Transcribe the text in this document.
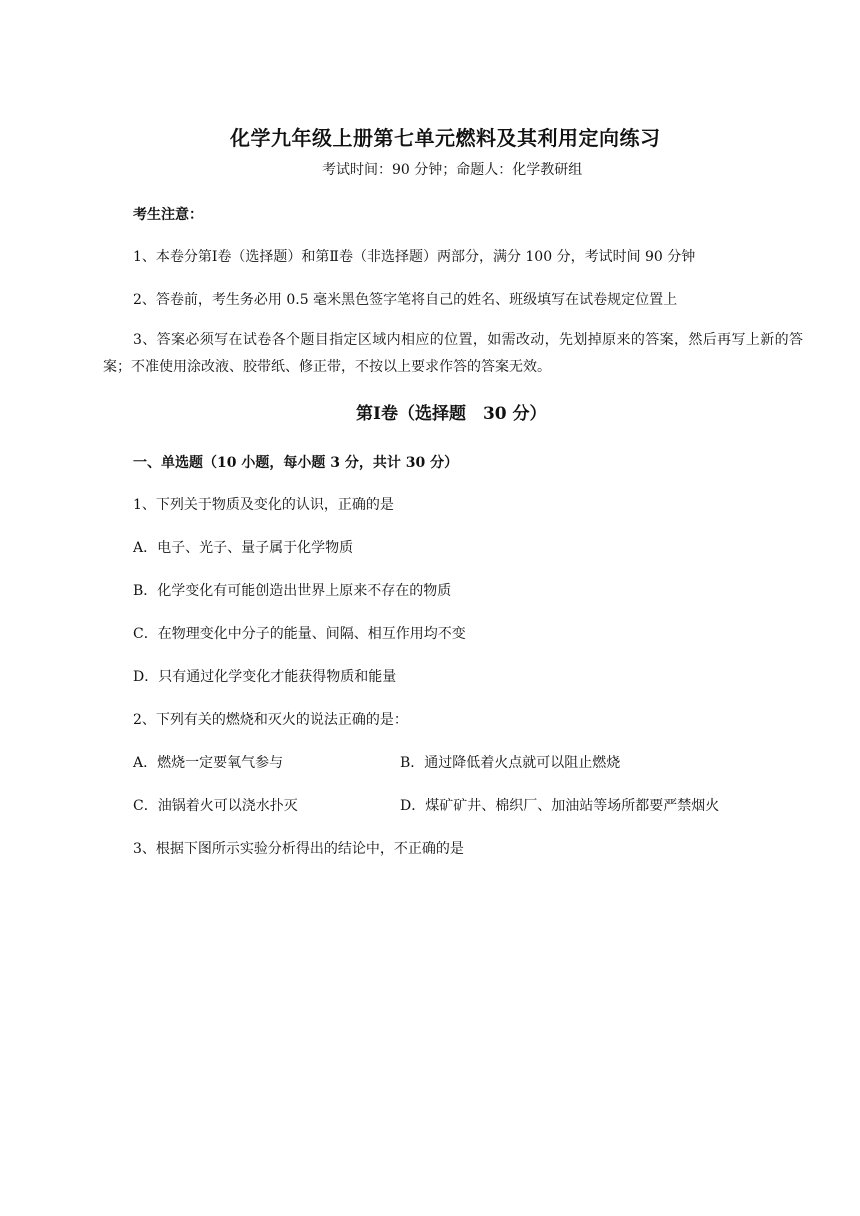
化学九年级上册第七单元燃料及其利用定向练习
考试时间：90 分钟；命题人：化学教研组
考生注意：
1、本卷分第Ⅰ卷（选择题）和第Ⅱ卷（非选择题）两部分，满分 100 分，考试时间 90 分钟
2、答卷前，考生务必用 0.5 毫米黑色签字笔将自己的姓名、班级填写在试卷规定位置上
3、答案必须写在试卷各个题目指定区域内相应的位置，如需改动，先划掉原来的答案，然后再写上新的答案；不准使用涂改液、胶带纸、修正带，不按以上要求作答的答案无效。
第Ⅰ卷（选择题　30 分）
一、单选题（10 小题，每小题 3 分，共计 30 分）
1、下列关于物质及变化的认识，正确的是
A．电子、光子、量子属于化学物质
B．化学变化有可能创造出世界上原来不存在的物质
C．在物理变化中分子的能量、间隔、相互作用均不变
D．只有通过化学变化才能获得物质和能量
2、下列有关的燃烧和灭火的说法正确的是：
A．燃烧一定要氧气参与	B．通过降低着火点就可以阻止燃烧
C．油锅着火可以浇水扑灭	D．煤矿矿井、棉织厂、加油站等场所都要严禁烟火
3、根据下图所示实验分析得出的结论中，不正确的是
